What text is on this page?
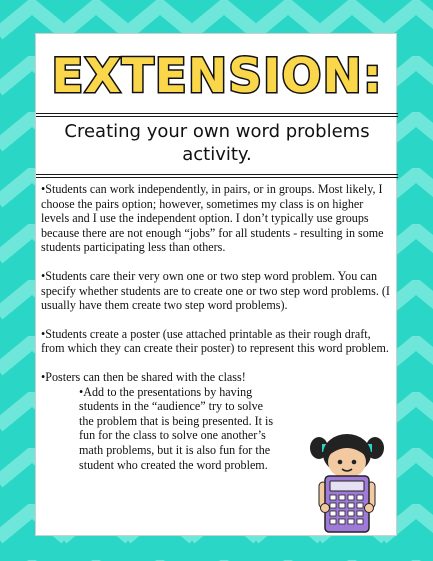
EXTENSION:
Creating your own word problems activity.

•Students can work independently, in pairs, or in groups. Most likely, I choose the pairs option; however, sometimes my class is on higher levels and I use the independent option. I don’t typically use groups because there are not enough “jobs” for all students - resulting in some students participating less than others.

•Students care their very own one or two step word problem. You can specify whether students are to create one or two step word problems. (I usually have them create two step word problems).

•Students create a poster (use attached printable as their rough draft, from which they can create their poster) to represent this word problem.

•Posters can then be shared with the class!

•Add to the presentations by having students in the “audience” try to solve the problem that is being presented. It is fun for the class to solve one another’s math problems, but it is also fun for the student who created the word problem.
